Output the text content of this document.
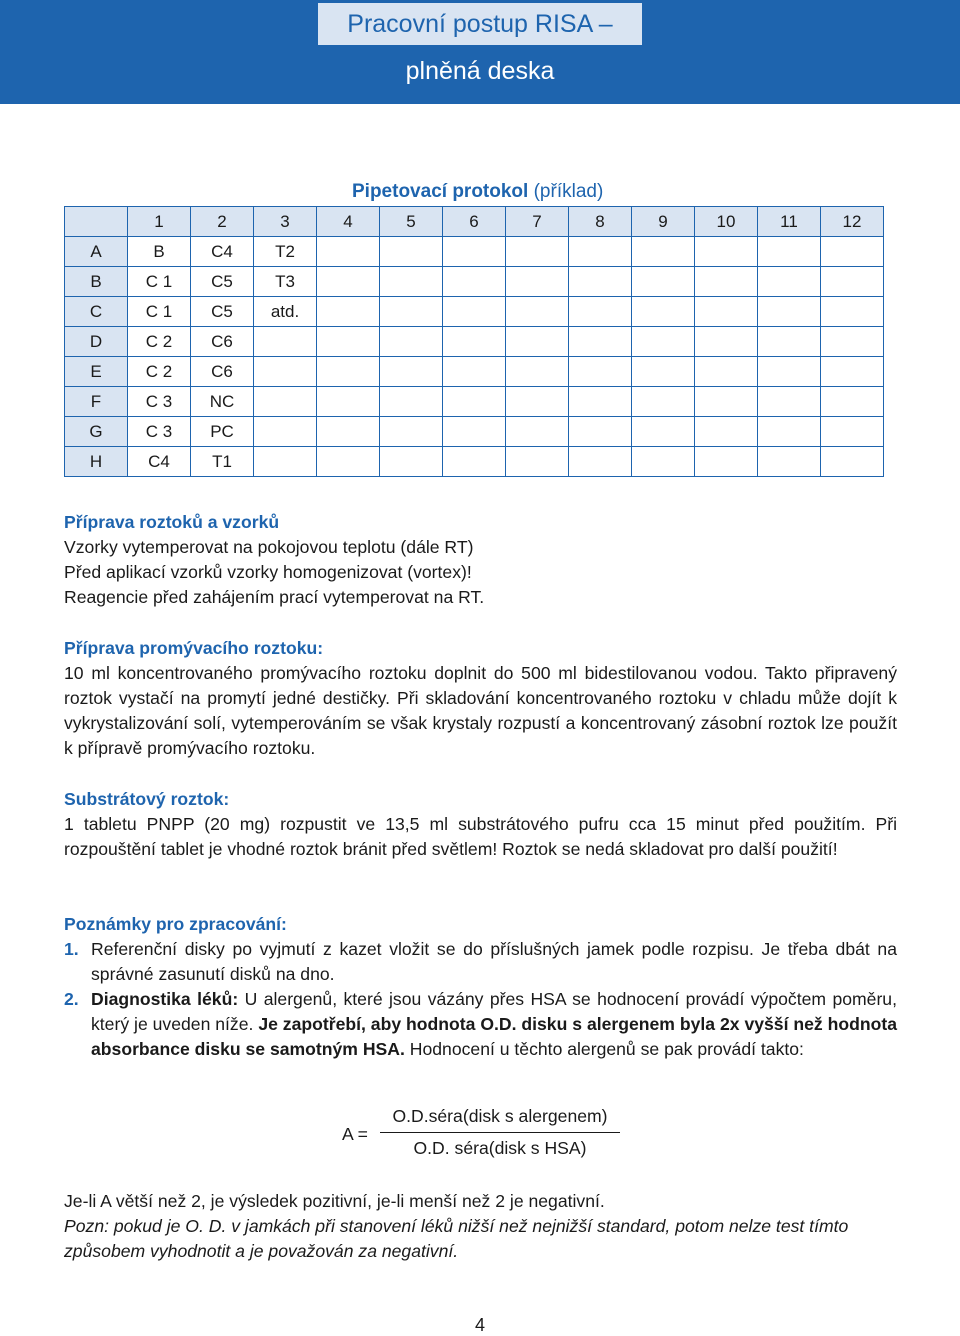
Pracovní postup RISA –
plněná deska
Pipetovací protokol (příklad)
	1	2	3	4	5	6	7	8	9	10	11	12
A	B	C4	T2									
B	C 1	C5	T3									
C	C 1	C5	atd.									
D	C 2	C6										
E	C 2	C6										
F	C 3	NC										
G	C 3	PC										
H	C4	T1										
Příprava roztoků a vzorků
Vzorky vytemperovat na pokojovou teplotu (dále RT)
Před aplikací vzorků vzorky homogenizovat (vortex)!
Reagencie před zahájením prací vytemperovat na RT.
Příprava promývacího roztoku:
10 ml koncentrovaného promývacího roztoku doplnit do 500 ml bidestilovanou vodou. Takto připravený roztok vystačí na promytí jedné destičky. Při skladování koncentrovaného roztoku v chladu může dojít k vykrystalizování solí, vytemperováním se však krystaly rozpustí a koncentrovaný zásobní roztok lze použít k přípravě promývacího roztoku.
Substrátový roztok:
1 tabletu PNPP (20 mg) rozpustit ve 13,5 ml substrátového pufru cca 15 minut před použitím. Při rozpouštění tablet je vhodné roztok bránit před světlem! Roztok se nedá skladovat pro další použití!
Poznámky pro zpracování:
1. Referenční disky po vyjmutí z kazet vložit se do příslušných jamek podle rozpisu. Je třeba dbát na správné zasunutí disků na dno.
2. Diagnostika léků: U alergenů, které jsou vázány přes HSA se hodnocení provádí výpočtem poměru, který je uveden níže. Je zapotřebí, aby hodnota O.D. disku s alergenem byla 2x vyšší než hodnota absorbance disku se samotným HSA. Hodnocení u těchto alergenů se pak provádí takto:
A =
O.D.séra(disk s alergenem)
O.D. séra(disk s HSA)
Je-li A větší než 2, je výsledek pozitivní, je-li menší než 2 je negativní.
Pozn: pokud je O. D. v jamkách při stanovení léků nižší než nejnižší standard, potom nelze test tímto způsobem vyhodnotit a je považován za negativní.
4
